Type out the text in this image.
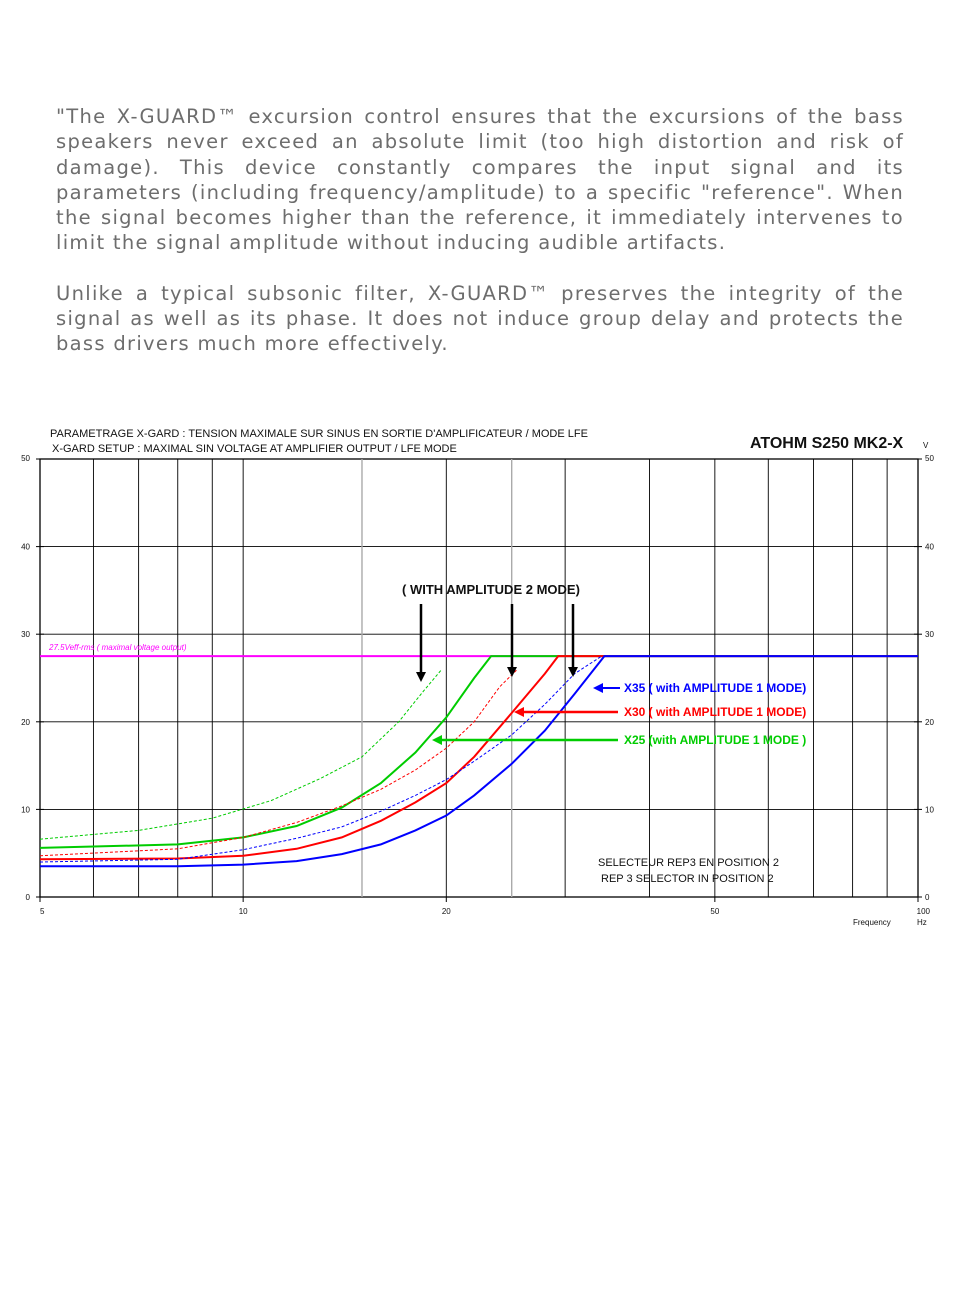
"The X-GUARD™ excursion control ensures that the excursions of the bass speakers never exceed an absolute limit (too high distortion and risk of damage). This device constantly compares the input signal and its parameters (including frequency/amplitude) to a specific "reference". When the signal becomes higher than the reference, it immediately intervenes to limit the signal amplitude without inducing audible artifacts.

Unlike a typical subsonic filter, X-GUARD™ preserves the integrity of the signal as well as its phase. It does not induce group delay and protects the bass drivers much more effectively.

PARAMETRAGE X-GARD : TENSION MAXIMALE SUR SINUS EN SORTIE D'AMPLIFICATEUR / MODE LFE
X-GARD SETUP : MAXIMAL SIN VOLTAGE AT AMPLIFIER OUTPUT / LFE MODE	ATOHM S250 MK2-X V
0	0
10	10
20	20
30	30
40	40
50	50
5	10	20	50	100
27.5Veff-rms ( maximal voltage output)
( WITH AMPLITUDE 2 MODE)
X35 ( with AMPLITUDE 1 MODE)
X30 ( with AMPLITUDE 1 MODE)
X25 (with AMPLITUDE 1 MODE )
SELECTEUR REP3 EN POSITION 2
REP 3 SELECTOR IN POSITION 2
Frequency	Hz
